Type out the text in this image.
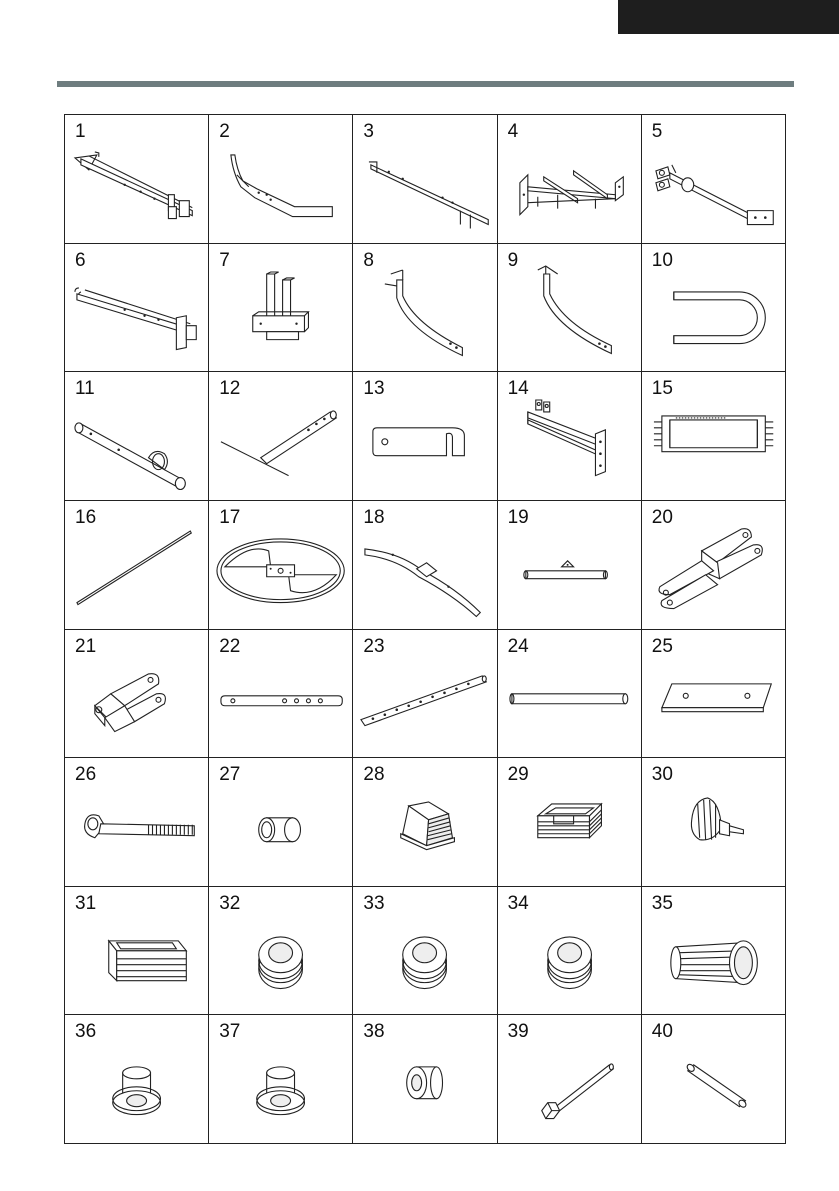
1	2	3	4	5
6	7	8	9	10
11	12	13	14	15
16	17	18	19	20
21	22	23	24	25
26	27	28	29	30
31	32	33	34	35
36	37	38	39	40
